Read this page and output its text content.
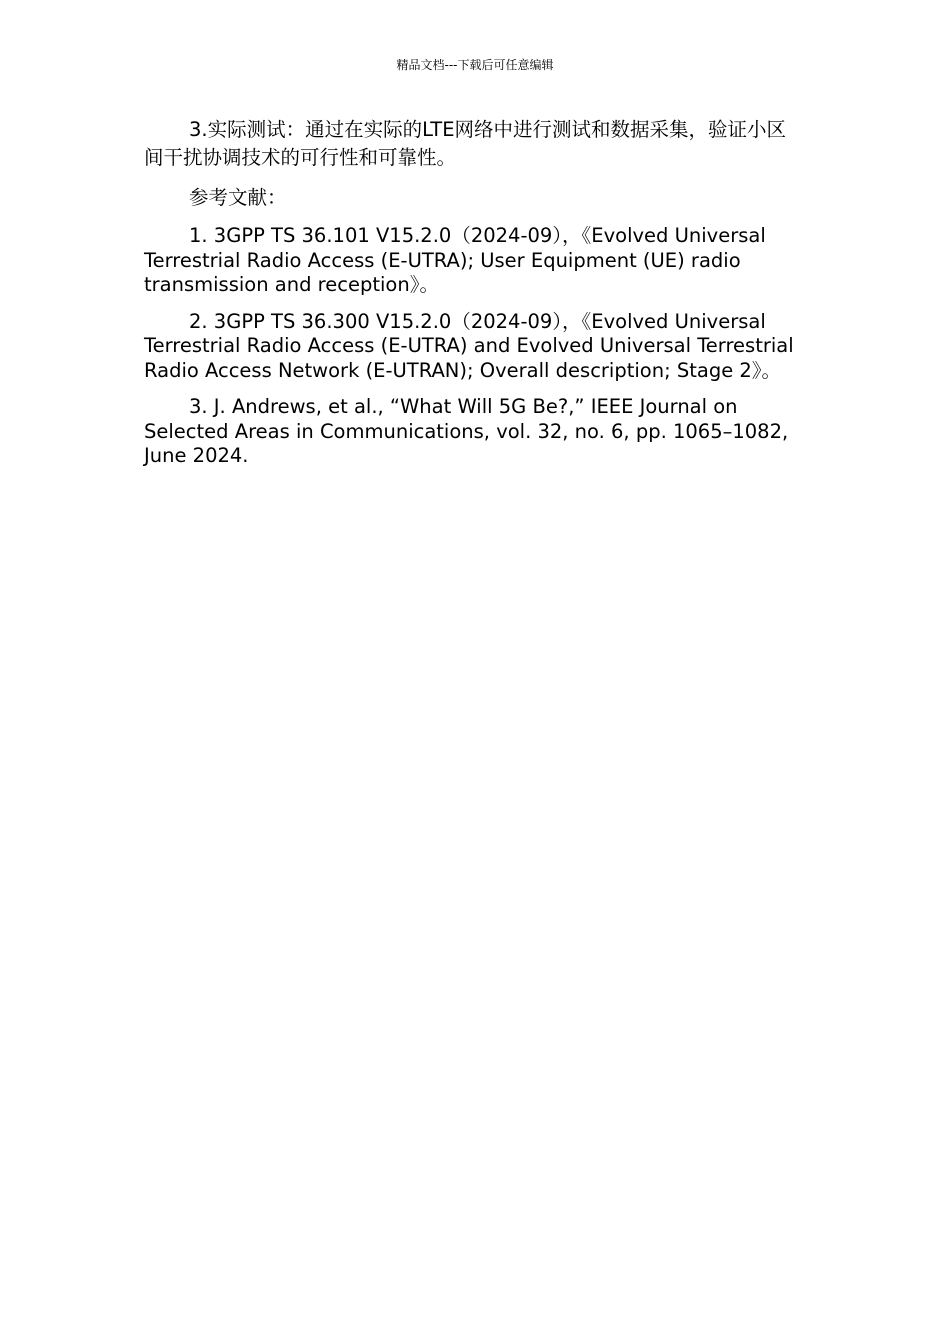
精品文档---下载后可任意编辑

3.实际测试：通过在实际的LTE网络中进行测试和数据采集，验证小区间干扰协调技术的可行性和可靠性。

参考文献：

1. 3GPP TS 36.101 V15.2.0（2024-09），《Evolved Universal Terrestrial Radio Access (E-UTRA); User Equipment (UE) radio transmission and reception》。

2. 3GPP TS 36.300 V15.2.0（2024-09），《Evolved Universal Terrestrial Radio Access (E-UTRA) and Evolved Universal Terrestrial Radio Access Network (E-UTRAN); Overall description; Stage 2》。

3. J. Andrews, et al., “What Will 5G Be?,” IEEE Journal on Selected Areas in Communications, vol. 32, no. 6, pp. 1065–1082, June 2024.
